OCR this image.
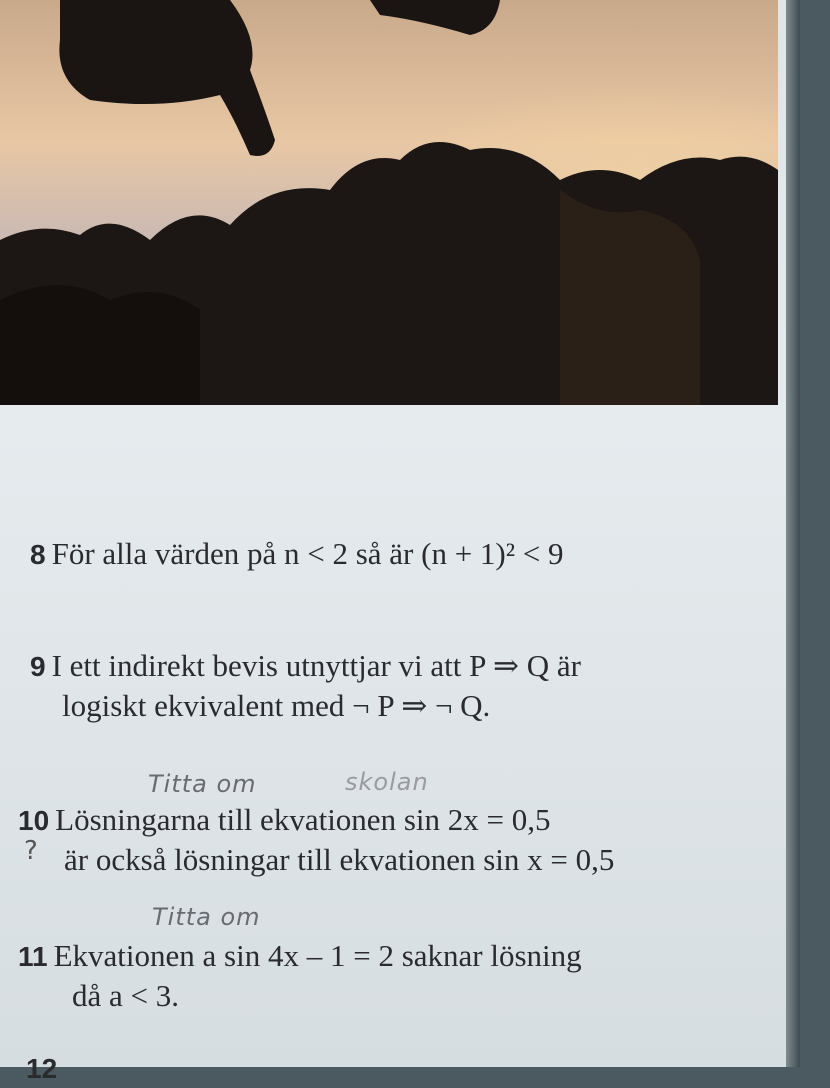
8 För alla värden på n < 2 så är (n + 1)² < 9
9 I ett indirekt bevis utnyttjar vi att P ⇒ Q är
logiskt ekvivalent med ¬ P ⇒ ¬ Q.
Titta om	skolan
10 Lösningarna till ekvationen sin 2x = 0,5
är också lösningar till ekvationen sin x = 0,5
?
Titta om
11 Ekvationen a sin 4x – 1 = 2 saknar lösning
då a < 3.
12
